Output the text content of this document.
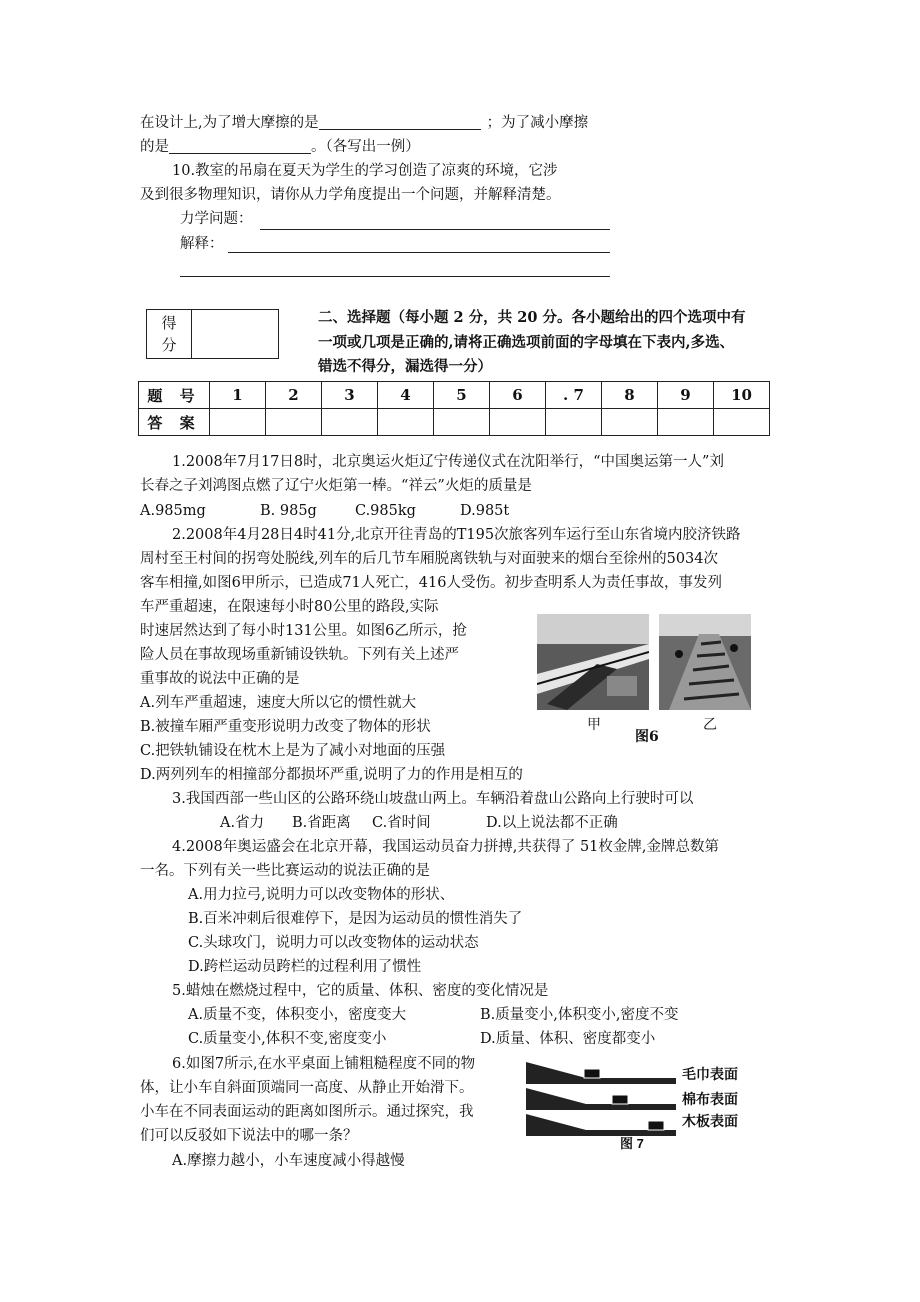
在设计上,为了增大摩擦的是	；为了减小摩擦
的是	。（各写出一例）
10.教室的吊扇在夏天为学生的学习创造了凉爽的环境，它涉
及到很多物理知识，请你从力学角度提出一个问题，并解释清楚。
力学问题：
解释：
得
分

二、选择题（每小题 2 分，共 20 分。各小题给出的四个选项中有
一项或几项是正确的,请将正确选项前面的字母填在下表内,多选、
错选不得分，漏选得一分）
题 号	1	2	3	4	5	6	. 7	8	9	10
答 案										
1.2008年7月17日8时，北京奥运火炬辽宁传递仪式在沈阳举行，“中国奥运第一人”刘
长春之子刘鸿图点燃了辽宁火炬第一棒。“祥云”火炬的质量是
A.985mg	B. 985g	C.985kg	D.985t
2.2008年4月28日4时41分,北京开往青岛的T195次旅客列车运行至山东省境内胶济铁路
周村至王村间的拐弯处脱线,列车的后几节车厢脱离铁轨与对面驶来的烟台至徐州的5034次
客车相撞,如图6甲所示，已造成71人死亡，416人受伤。初步查明系人为责任事故，事发列
车严重超速，在限速每小时80公里的路段,实际
时速居然达到了每小时131公里。如图6乙所示，抢
险人员在事故现场重新铺设铁轨。下列有关上述严
重事故的说法中正确的是
A.列车严重超速，速度大所以它的惯性就大
B.被撞车厢严重变形说明力改变了物体的形状
C.把铁轨铺设在枕木上是为了减小对地面的压强
D.两列列车的相撞部分都损坏严重,说明了力的作用是相互的
甲	乙
图6
3.我国西部一些山区的公路环绕山坡盘山两上。车辆沿着盘山公路向上行驶时可以
A.省力 B.省距离 C.省时间	D.以上说法都不正确
4.2008年奥运盛会在北京开幕，我国运动员奋力拼搏,共获得了 51枚金牌,金牌总数第
一名。下列有关一些比赛运动的说法正确的是
A.用力拉弓,说明力可以改变物体的形状、
B.百米冲刺后很难停下，是因为运动员的惯性消失了
C.头球攻门，说明力可以改变物体的运动状态
D.跨栏运动员跨栏的过程利用了惯性
5.蜡烛在燃烧过程中，它的质量、体积、密度的变化情况是
A.质量不变，体积变小，密度变大	B.质量变小,体积变小,密度不变
C.质量变小,体积不变,密度变小	D.质量、体积、密度都变小
6.如图7所示,在水平桌面上铺粗糙程度不同的物
体，让小车自斜面顶端同一高度、从静止开始滑下。
小车在不同表面运动的距离如图所示。通过探究，我
们可以反驳如下说法中的哪一条？
A.摩擦力越小，小车速度减小得越慢
毛巾表面
棉布表面
木板表面
图 7
